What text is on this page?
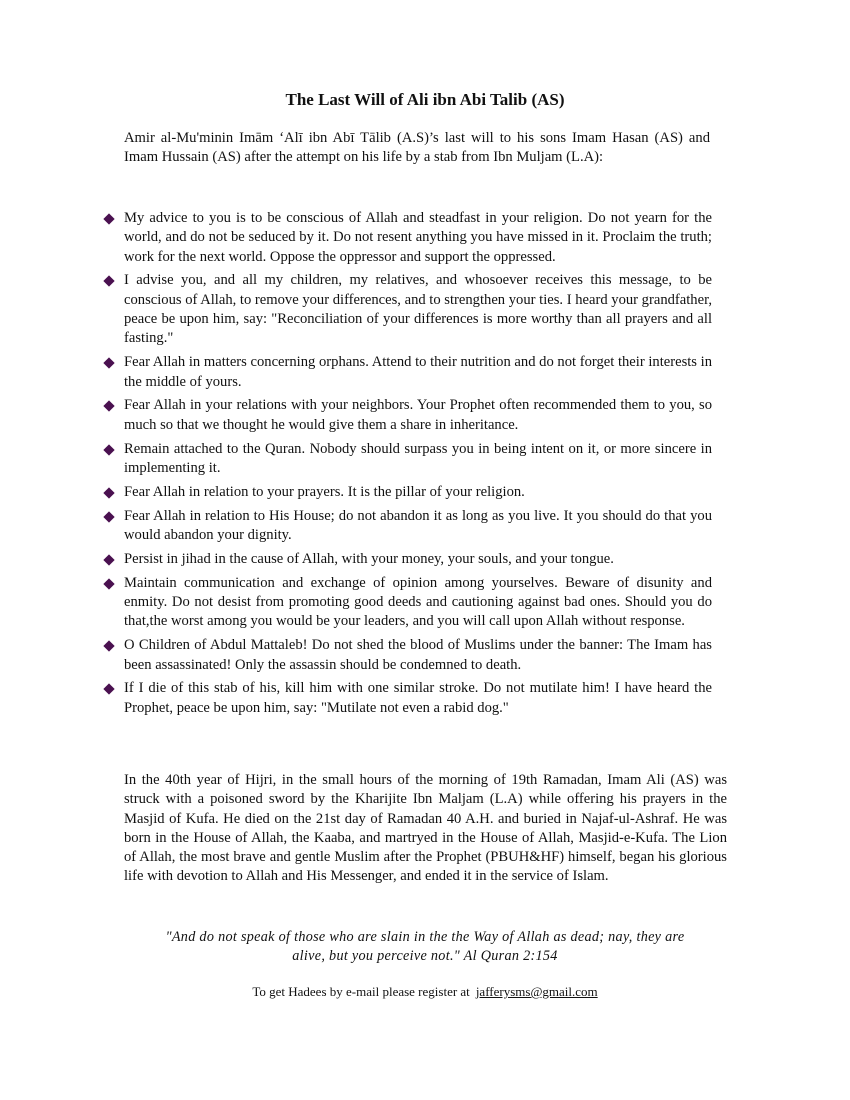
The Last Will of Ali ibn Abi Talib (AS)
Amir al-Mu'minin Imām ‘Alī ibn Abī Tālib (A.S)’s last will to his sons Imam Hasan (AS) and Imam Hussain (AS) after the attempt on his life by a stab from Ibn Muljam (L.A):
My advice to you is to be conscious of Allah and steadfast in your religion. Do not yearn for the world, and do not be seduced by it. Do not resent anything you have missed in it. Proclaim the truth; work for the next world. Oppose the oppressor and support the oppressed.
I advise you, and all my children, my relatives, and whosoever receives this message, to be conscious of Allah, to remove your differences, and to strengthen your ties. I heard your grandfather, peace be upon him, say: "Reconciliation of your differences is more worthy than all prayers and all fasting."
Fear Allah in matters concerning orphans. Attend to their nutrition and do not forget their interests in the middle of yours.
Fear Allah in your relations with your neighbors. Your Prophet often recommended them to you, so much so that we thought he would give them a share in inheritance.
Remain attached to the Quran. Nobody should surpass you in being intent on it, or more sincere in implementing it.
Fear Allah in relation to your prayers. It is the pillar of your religion.
Fear Allah in relation to His House; do not abandon it as long as you live. It you should do that you would abandon your dignity.
Persist in jihad in the cause of Allah, with your money, your souls, and your tongue.
Maintain communication and exchange of opinion among yourselves. Beware of disunity and enmity. Do not desist from promoting good deeds and cautioning against bad ones. Should you do that,the worst among you would be your leaders, and you will call upon Allah without response.
O Children of Abdul Mattaleb! Do not shed the blood of Muslims under the banner: The Imam has been assassinated! Only the assassin should be condemned to death.
If I die of this stab of his, kill him with one similar stroke. Do not mutilate him! I have heard the Prophet, peace be upon him, say: "Mutilate not even a rabid dog."
In the 40th year of Hijri, in the small hours of the morning of 19th Ramadan, Imam Ali (AS) was struck with a poisoned sword by the Kharijite Ibn Maljam (L.A) while offering his prayers in the Masjid of Kufa. He died on the 21st day of Ramadan 40 A.H. and buried in Najaf-ul-Ashraf. He was born in the House of Allah, the Kaaba, and martryed in the House of Allah, Masjid-e-Kufa. The Lion of Allah, the most brave and gentle Muslim after the Prophet (PBUH&HF) himself, began his glorious life with devotion to Allah and His Messenger, and ended it in the service of Islam.
"And do not speak of those who are slain in the the Way of Allah as dead; nay, they are
alive, but you perceive not." Al Quran 2:154
To get Hadees by e-mail please register at jafferysms@gmail.com
